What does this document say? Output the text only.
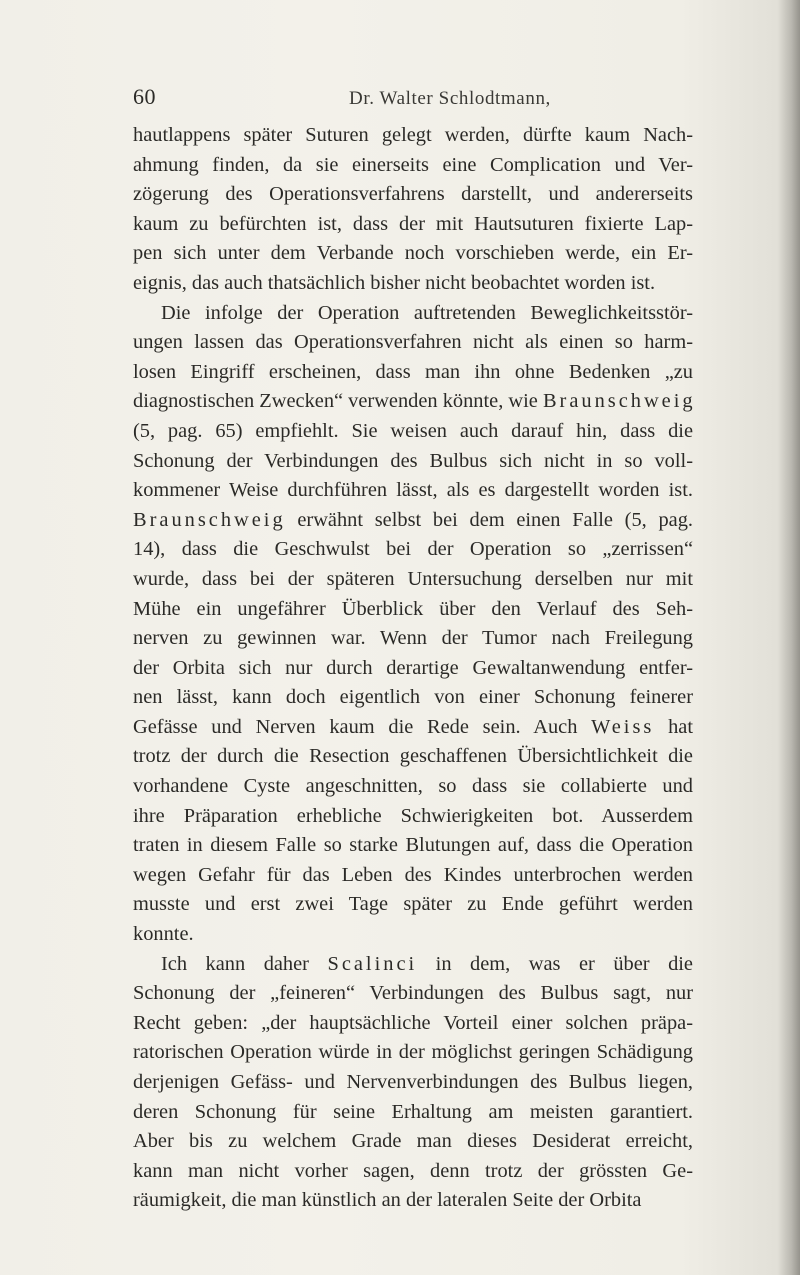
60	Dr. Walter Schlodtmann,
hautlappens später Suturen gelegt werden, dürfte kaum Nach-
ahmung finden, da sie einerseits eine Complication und Ver-
zögerung des Operationsverfahrens darstellt, und andererseits
kaum zu befürchten ist, dass der mit Hautsuturen fixierte Lap-
pen sich unter dem Verbande noch vorschieben werde, ein Er-
eignis, das auch thatsächlich bisher nicht beobachtet worden ist.
Die infolge der Operation auftretenden Beweglichkeitsstör-
ungen lassen das Operationsverfahren nicht als einen so harm-
losen Eingriff erscheinen, dass man ihn ohne Bedenken „zu
diagnostischen Zwecken“ verwenden könnte, wie Braunschweig
(5, pag. 65) empfiehlt. Sie weisen auch darauf hin, dass die
Schonung der Verbindungen des Bulbus sich nicht in so voll-
kommener Weise durchführen lässt, als es dargestellt worden ist.
Braunschweig erwähnt selbst bei dem einen Falle (5, pag.
14), dass die Geschwulst bei der Operation so „zerrissen“
wurde, dass bei der späteren Untersuchung derselben nur mit
Mühe ein ungefährer Überblick über den Verlauf des Seh-
nerven zu gewinnen war. Wenn der Tumor nach Freilegung
der Orbita sich nur durch derartige Gewaltanwendung entfer-
nen lässt, kann doch eigentlich von einer Schonung feinerer
Gefässe und Nerven kaum die Rede sein. Auch Weiss hat
trotz der durch die Resection geschaffenen Übersichtlichkeit die
vorhandene Cyste angeschnitten, so dass sie collabierte und
ihre Präparation erhebliche Schwierigkeiten bot. Ausserdem
traten in diesem Falle so starke Blutungen auf, dass die Operation
wegen Gefahr für das Leben des Kindes unterbrochen werden
musste und erst zwei Tage später zu Ende geführt werden
konnte.
Ich kann daher Scalinci in dem, was er über die
Schonung der „feineren“ Verbindungen des Bulbus sagt, nur
Recht geben: „der hauptsächliche Vorteil einer solchen präpa-
ratorischen Operation würde in der möglichst geringen Schädigung
derjenigen Gefäss- und Nervenverbindungen des Bulbus liegen,
deren Schonung für seine Erhaltung am meisten garantiert.
Aber bis zu welchem Grade man dieses Desiderat erreicht,
kann man nicht vorher sagen, denn trotz der grössten Ge-
räumigkeit, die man künstlich an der lateralen Seite der Orbita
